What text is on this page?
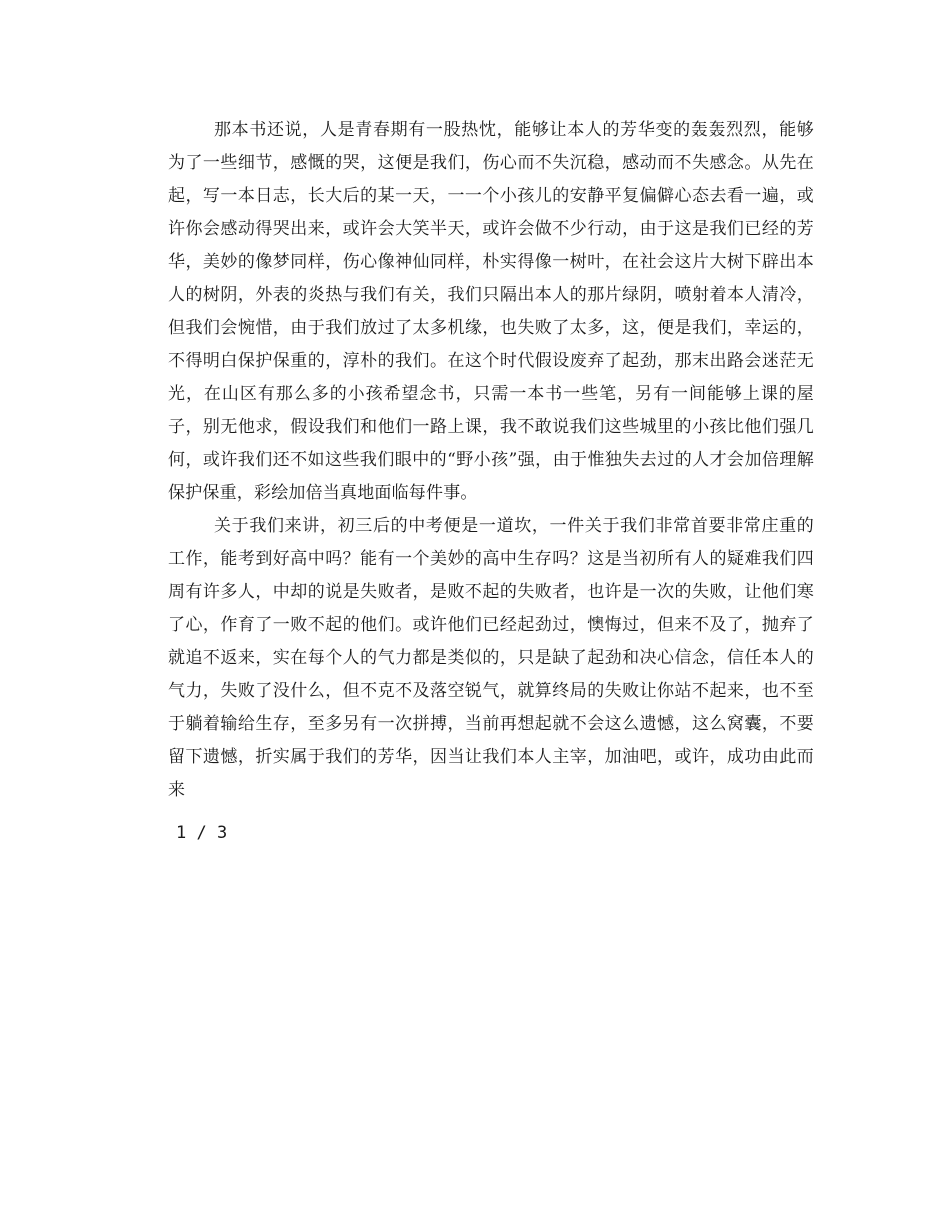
那本书还说，人是青春期有一股热忱，能够让本人的芳华变的轰轰烈烈，能够为了一些细节，感慨的哭，这便是我们，伤心而不失沉稳，感动而不失感念。从先在起，写一本日志，长大后的某一天，一一个小孩儿的安静平复偏僻心态去看一遍，或许你会感动得哭出来，或许会大笑半天，或许会做不少行动，由于这是我们已经的芳华，美妙的像梦同样，伤心像神仙同样，朴实得像一树叶，在社会这片大树下辟出本人的树阴，外表的炎热与我们有关，我们只隔出本人的那片绿阴，喷射着本人清冷，但我们会惋惜，由于我们放过了太多机缘，也失败了太多，这，便是我们，幸运的，不得明白保护保重的，淳朴的我们。在这个时代假设废弃了起劲，那末出路会迷茫无光，在山区有那么多的小孩希望念书，只需一本书一些笔，另有一间能够上课的屋子，别无他求，假设我们和他们一路上课，我不敢说我们这些城里的小孩比他们强几何，或许我们还不如这些我们眼中的“野小孩”强，由于惟独失去过的人才会加倍理解保护保重，彩绘加倍当真地面临每件事。

关于我们来讲，初三后的中考便是一道坎，一件关于我们非常首要非常庄重的工作，能考到好高中吗？能有一个美妙的高中生存吗？这是当初所有人的疑难我们四周有许多人，中却的说是失败者，是败不起的失败者，也许是一次的失败，让他们寒了心，作育了一败不起的他们。或许他们已经起劲过，懊悔过，但来不及了，抛弃了就追不返来，实在每个人的气力都是类似的，只是缺了起劲和决心信念，信任本人的气力，失败了没什么，但不克不及落空锐气，就算终局的失败让你站不起来，也不至于躺着输给生存，至多另有一次拼搏，当前再想起就不会这么遗憾，这么窝囊，不要留下遗憾，折实属于我们的芳华，因当让我们本人主宰，加油吧，或许，成功由此而来

1 / 3
